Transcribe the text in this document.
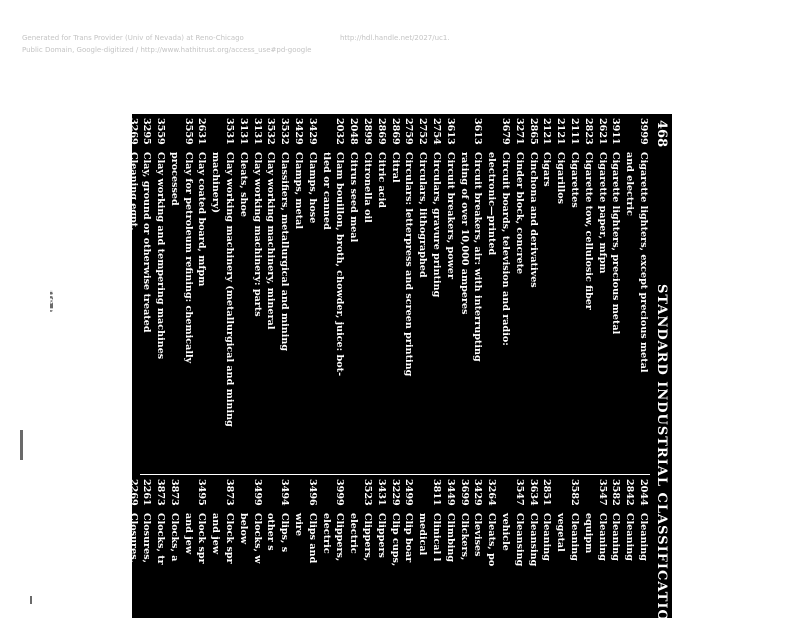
Generated for Trans Provider (Univ of Nevada) at Reno-Chicago	http://hdl.handle.net/2027/uc1.
Public Domain, Google-digitized / http://www.hathitrust.org/access_use#pd-google
468
STANDARD INDUSTRIAL CLASSIFICATION
3999
Cigarette lighters, except precious metal
and electric
3911
Cigarette lighters, precious metal
2621
Cigarette paper, mfpm
2823
Cigarette tow, cellulosic fiber
2111
Cigarettes
2121
Cigarillos
2121
Cigars
2865
Cinchona and derivatives
3271
Cinder block, concrete
3679
Circuit boards, television and radio:
electronic—printed
3613
Circuit breakers, air: with interrupting
rating of over 10,000 amperes
3613
Circuit breakers, power
2754
Circulars, gravure printing
2752
Circulars, lithographed
2759
Circulars: letterpress and screen printing
2869
Citral
2869
Citric acid
2899
Citronella oil
2048
Citrus seed meal
2032
Clam bouillon, broth, chowder, juice: bot-
tled or canned
3429
Clamps, hose
3429
Clamps, metal
3532
Classifiers, metallurgical and mining
3532
Clay working machinery, mineral
3131
Clay working machinery: parts
3131
Cleats, shoe
3531
Clay working machinery (metallurgical and mining
machinery)
2631
Clay coated board, mfpm
3559
Clay for petroleum refining: chemically
processed
3559
Clay working and tempering machines
3295
Clay, ground or otherwise treated
3269
Cleaning eqpt.
3714
Cleaners, air: motor vehicle
3569
Cleaners, boiler tube
2842
Cleaners, tank, jewelry
3589
Cleaners, electric vacuum: industrial
3635
Cleaners, electric vacuum—household
3569
Cleaners, pipe and cigarette holder
3471
Cleaning and descaling metal products,
for the trade
2044
Cleaning
2842
Cleaning
3582
Cleaning
3547
Cleaning
equipm
3582
Cleaning
vegetal
2851
Cleaning
3634
Cleansing
3547
Cleansing
vehicle
3264
Cleats, po
3429
Clevises
3699
Clickers,
3449
Climbing
3811
Clinical l
medical
2499
Clip boar
3229
Clip cups,
3431
Clippers
3523
Clippers,
electric
3999
Clippers,
electric
3496
Clips and
wire
3494
Clips, s
other s
3499
Clocks, w
below
3873
Clock spr
and jew
3495
Clock spr
and jew
3873
Clocks, a
3873
Clocks, tr
2261
Closures,
2269
Closures,
2641
Cloth line
2269
Cloth mo
trade
2262
Cloth sp
2499
Cloth win
2391
Cloth, sil
2391
Cloth, sil
2257
Cloth, cir
3861
Cloth, dr
